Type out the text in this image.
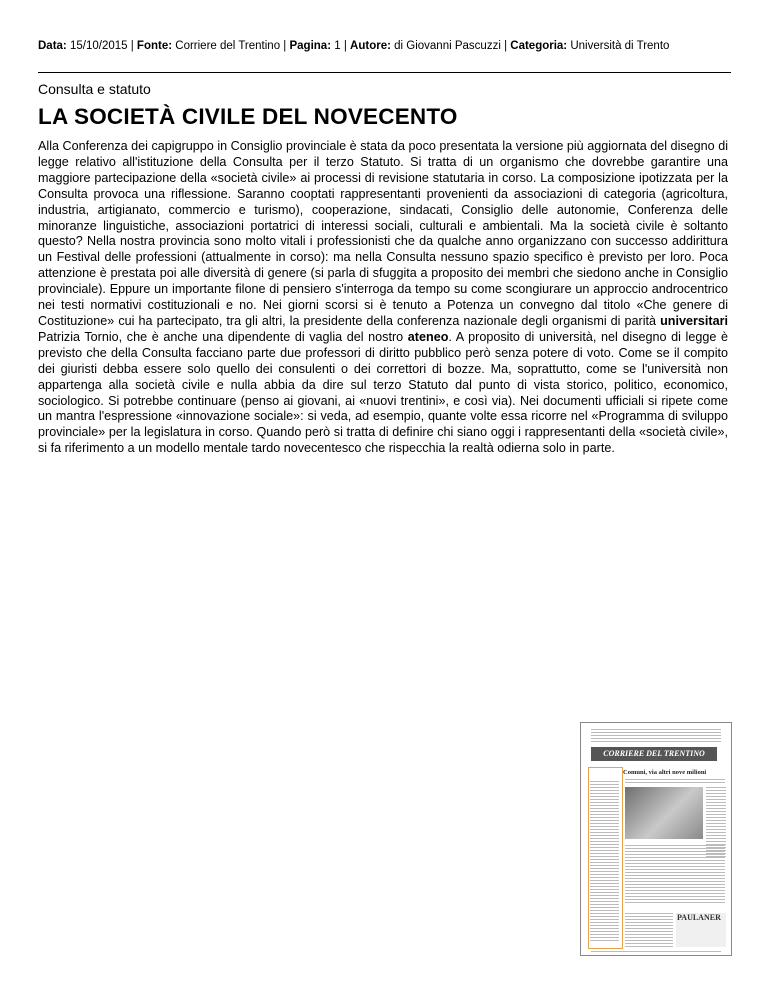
Data: 15/10/2015 | Fonte: Corriere del Trentino | Pagina: 1 | Autore: di Giovanni Pascuzzi | Categoria: Università di Trento
Consulta e statuto
LA SOCIETÀ CIVILE DEL NOVECENTO

Alla Conferenza dei capigruppo in Consiglio provinciale è stata da poco presentata la versione più aggiornata del disegno di legge relativo all'istituzione della Consulta per il terzo Statuto. Si tratta di un organismo che dovrebbe garantire una maggiore partecipazione della «società civile» ai processi di revisione statutaria in corso. La composizione ipotizzata per la Consulta provoca una riflessione. Saranno cooptati rappresentanti provenienti da associazioni di categoria (agricoltura, industria, artigianato, commercio e turismo), cooperazione, sindacati, Consiglio delle autonomie, Conferenza delle minoranze linguistiche, associazioni portatrici di interessi sociali, culturali e ambientali. Ma la società civile è soltanto questo? Nella nostra provincia sono molto vitali i professionisti che da qualche anno organizzano con successo addirittura un Festival delle professioni (attualmente in corso): ma nella Consulta nessuno spazio specifico è previsto per loro. Poca attenzione è prestata poi alle diversità di genere (si parla di sfuggita a proposito dei membri che siedono anche in Consiglio provinciale). Eppure un importante filone di pensiero s'interroga da tempo su come scongiurare un approccio androcentrico nei testi normativi costituzionali e no. Nei giorni scorsi si è tenuto a Potenza un convegno dal titolo «Che genere di Costituzione» cui ha partecipato, tra gli altri, la presidente della conferenza nazionale degli organismi di parità universitari Patrizia Tornio, che è anche una dipendente di vaglia del nostro ateneo. A proposito di università, nel disegno di legge è previsto che della Consulta facciano parte due professori di diritto pubblico però senza potere di voto. Come se il compito dei giuristi debba essere solo quello dei consulenti o dei correttori di bozze. Ma, soprattutto, come se l'università non appartenga alla società civile e nulla abbia da dire sul terzo Statuto dal punto di vista storico, politico, economico, sociologico. Si potrebbe continuare (penso ai giovani, ai «nuovi trentini», e così via). Nei documenti ufficiali si ripete come un mantra l'espressione «innovazione sociale»: si veda, ad esempio, quante volte essa ricorre nel «Programma di sviluppo provinciale» per la legislatura in corso. Quando però si tratta di definire chi siano oggi i rappresentanti della «società civile», si fa riferimento a un modello mentale tardo novecentesco che rispecchia la realtà odierna solo in parte.

CORRIERE DEL TRENTINO
Comuni, via altri nove milioni
PAULANER
